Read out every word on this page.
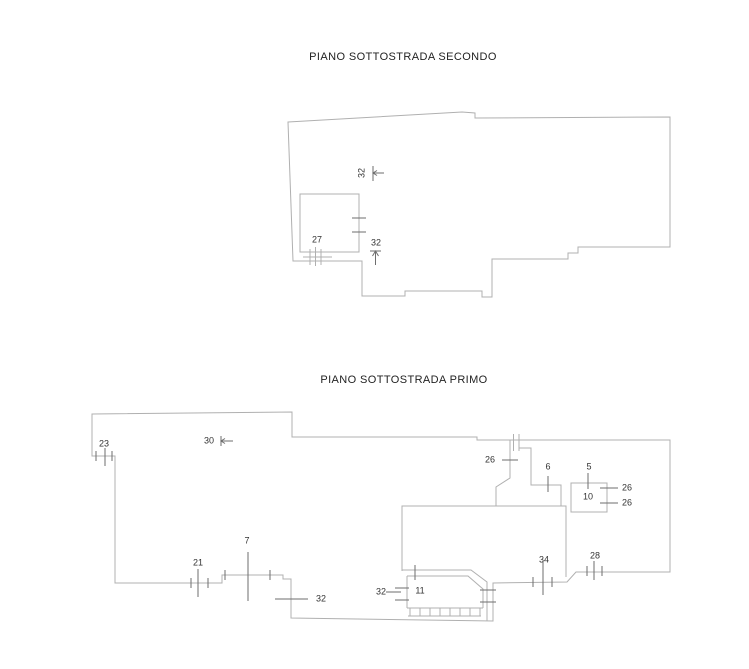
PIANO SOTTOSTRADA SECONDO
PIANO SOTTOSTRADA PRIMO
32
27	32
23	30
26
6	5
10
26
26
7
21
32
32	11
34	28
